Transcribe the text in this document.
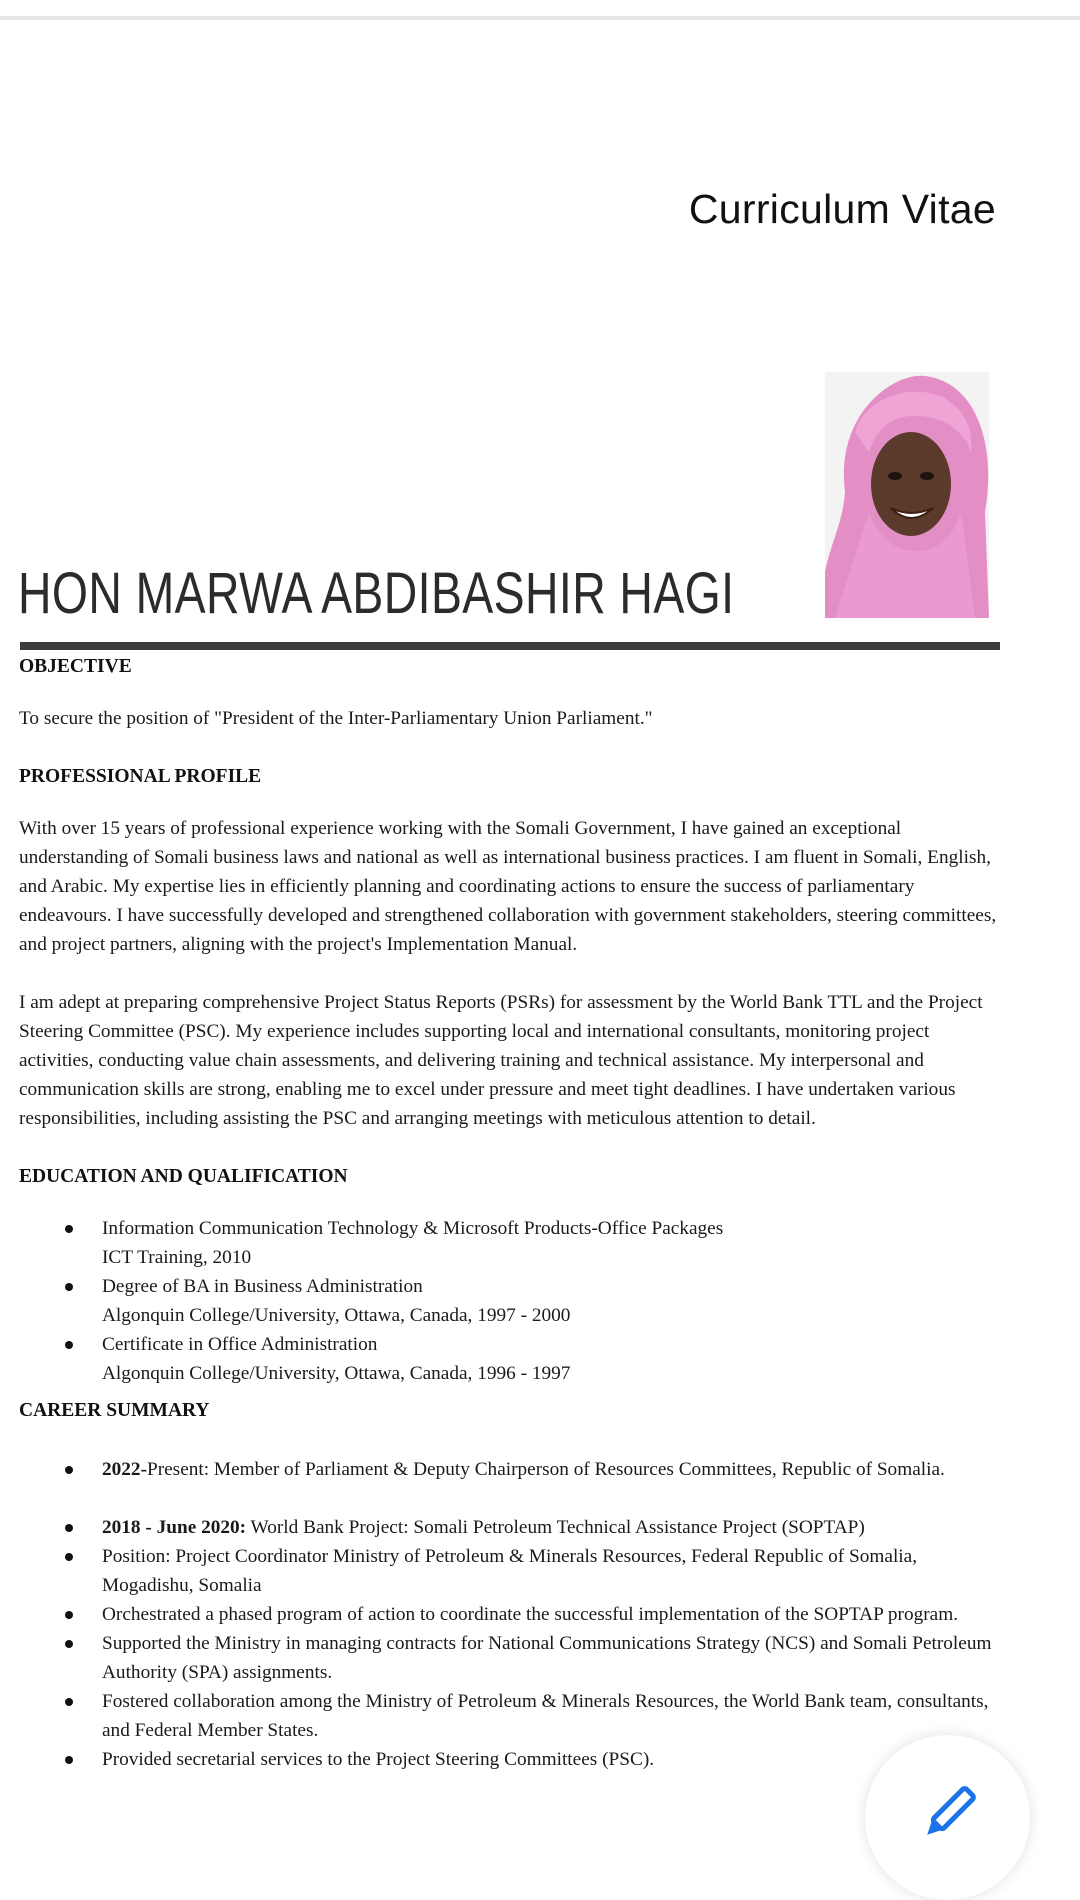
Curriculum Vitae
HON MARWA ABDIBASHIR HAGI
OBJECTIVE

To secure the position of "President of the Inter-Parliamentary Union Parliament."

PROFESSIONAL PROFILE

With over 15 years of professional experience working with the Somali Government, I have gained an exceptional understanding of Somali business laws and national as well as international business practices. I am fluent in Somali, English, and Arabic. My expertise lies in efficiently planning and coordinating actions to ensure the success of parliamentary endeavours. I have successfully developed and strengthened collaboration with government stakeholders, steering committees, and project partners, aligning with the project's Implementation Manual.

I am adept at preparing comprehensive Project Status Reports (PSRs) for assessment by the World Bank TTL and the Project Steering Committee (PSC). My experience includes supporting local and international consultants, monitoring project activities, conducting value chain assessments, and delivering training and technical assistance. My interpersonal and communication skills are strong, enabling me to excel under pressure and meet tight deadlines. I have undertaken various responsibilities, including assisting the PSC and arranging meetings with meticulous attention to detail.

EDUCATION AND QUALIFICATION
Information Communication Technology & Microsoft Products-Office Packages
ICT Training, 2010
Degree of BA in Business Administration
Algonquin College/University, Ottawa, Canada, 1997 - 2000
Certificate in Office Administration
Algonquin College/University, Ottawa, Canada, 1996 - 1997
CAREER SUMMARY
2022-Present: Member of Parliament & Deputy Chairperson of Resources Committees, Republic of Somalia.
2018 - June 2020: World Bank Project: Somali Petroleum Technical Assistance Project (SOPTAP)
Position: Project Coordinator Ministry of Petroleum & Minerals Resources, Federal Republic of Somalia, Mogadishu, Somalia
Orchestrated a phased program of action to coordinate the successful implementation of the SOPTAP program.
Supported the Ministry in managing contracts for National Communications Strategy (NCS) and Somali Petroleum Authority (SPA) assignments.
Fostered collaboration among the Ministry of Petroleum & Minerals Resources, the World Bank team, consultants, and Federal Member States.
Provided secretarial services to the Project Steering Committees (PSC).
